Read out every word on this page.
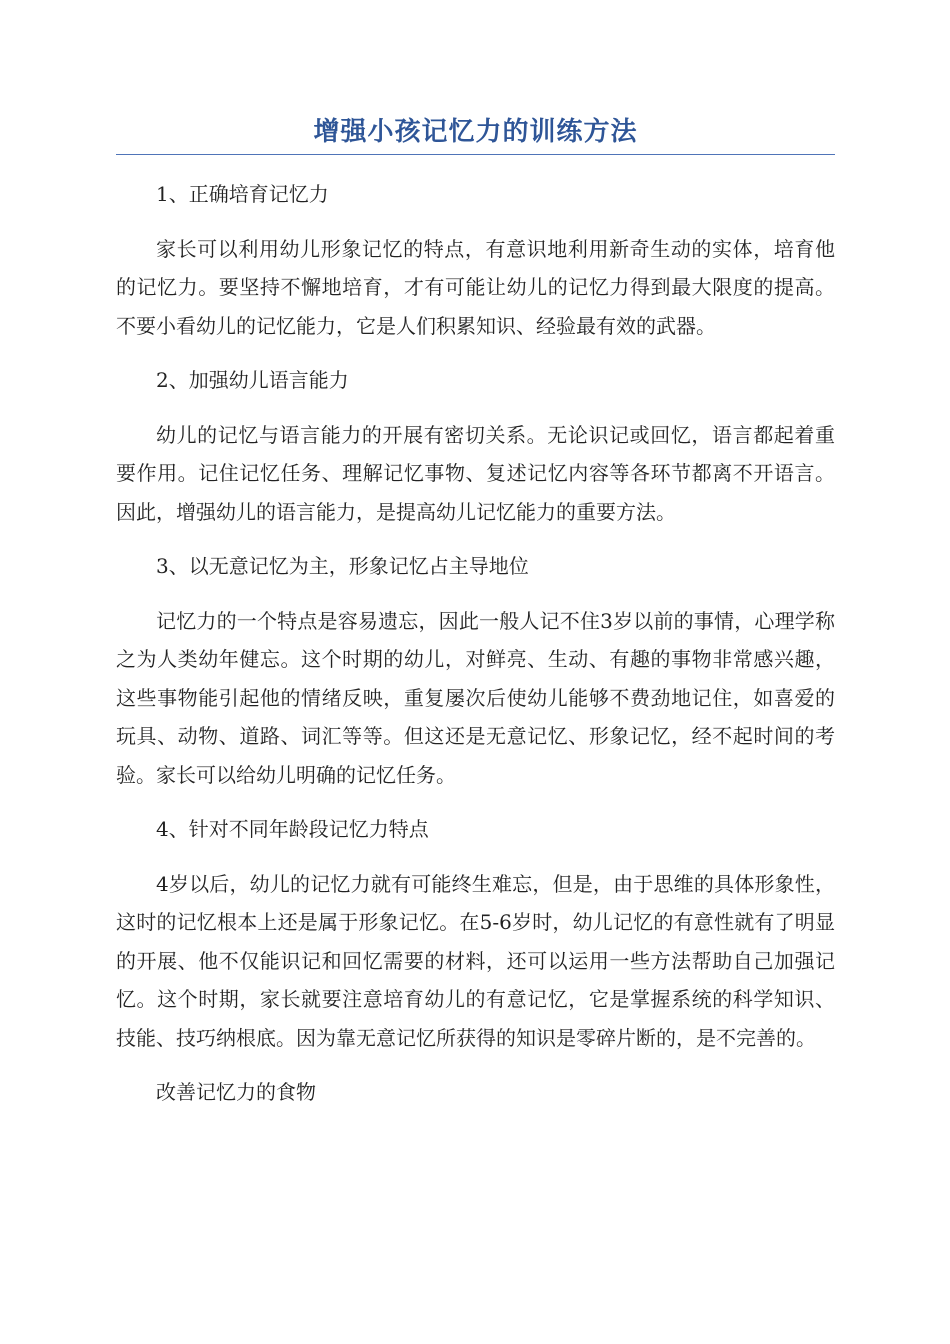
增强小孩记忆力的训练方法

1、正确培育记忆力

家长可以利用幼儿形象记忆的特点，有意识地利用新奇生动的实体，培育他的记忆力。要坚持不懈地培育，才有可能让幼儿的记忆力得到最大限度的提高。不要小看幼儿的记忆能力，它是人们积累知识、经验最有效的武器。

2、加强幼儿语言能力

幼儿的记忆与语言能力的开展有密切关系。无论识记或回忆，语言都起着重要作用。记住记忆任务、理解记忆事物、复述记忆内容等各环节都离不开语言。因此，增强幼儿的语言能力，是提高幼儿记忆能力的重要方法。

3、以无意记忆为主，形象记忆占主导地位

记忆力的一个特点是容易遗忘，因此一般人记不住3岁以前的事情，心理学称之为人类幼年健忘。这个时期的幼儿，对鲜亮、生动、有趣的事物非常感兴趣，这些事物能引起他的情绪反映，重复屡次后使幼儿能够不费劲地记住，如喜爱的玩具、动物、道路、词汇等等。但这还是无意记忆、形象记忆，经不起时间的考验。家长可以给幼儿明确的记忆任务。

4、针对不同年龄段记忆力特点

4岁以后，幼儿的记忆力就有可能终生难忘，但是，由于思维的具体形象性，这时的记忆根本上还是属于形象记忆。在5-6岁时，幼儿记忆的有意性就有了明显的开展、他不仅能识记和回忆需要的材料，还可以运用一些方法帮助自己加强记忆。这个时期，家长就要注意培育幼儿的有意记忆，它是掌握系统的科学知识、技能、技巧纳根底。因为靠无意记忆所获得的知识是零碎片断的，是不完善的。

改善记忆力的食物
